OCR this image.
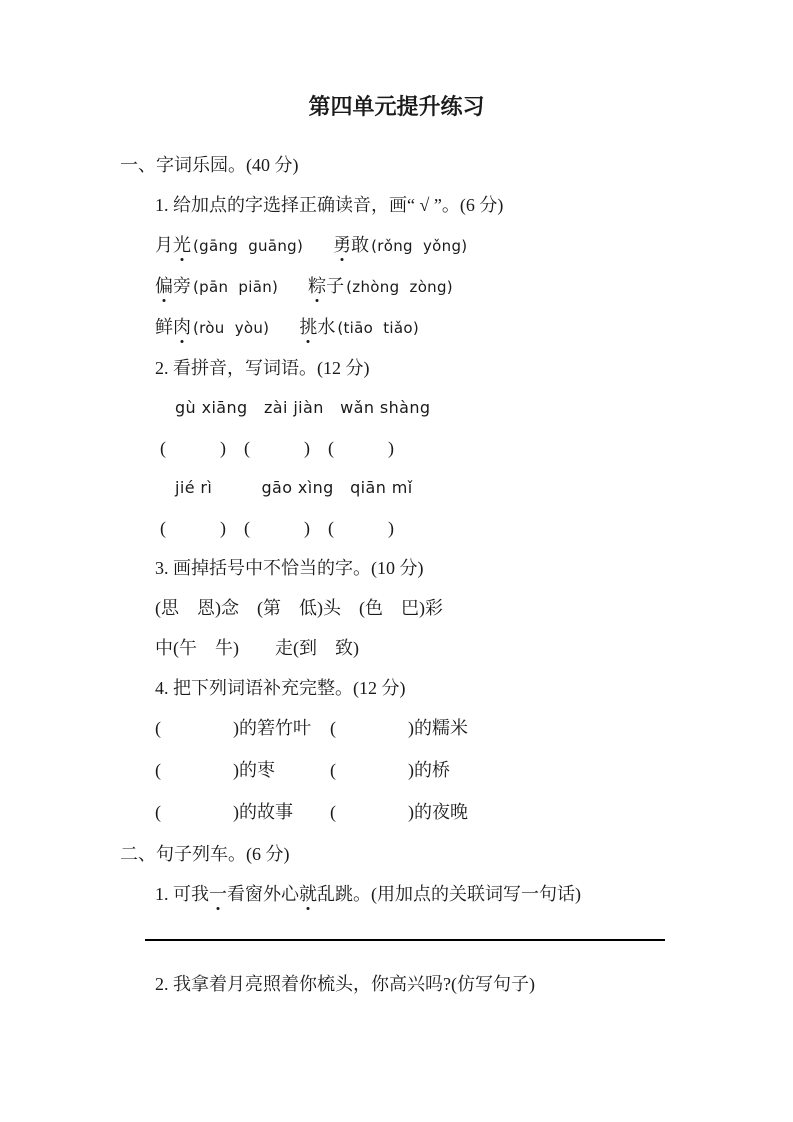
第四单元提升练习
一、字词乐园。(40 分)
1. 给加点的字选择正确读音，画“ √ ”。(6 分)
月光 (gāng  guāng) 勇敢 (rǒng  yǒng)
偏旁 (pān  piān) 粽子 (zhòng  zòng)
鲜肉 (ròu  yòu) 挑水 (tiāo  tiǎo)
2. 看拼音，写词语。(12 分)
gù xiāng　zài jiàn　wǎn shàng
(　　　)　(　　　)　(　　　)
jié rì　　　gāo xìng　qiān mǐ
(　　　)　(　　　)　(　　　)
3. 画掉括号中不恰当的字。(10 分)
(思　恩)念　(第　低)头　(色　巴)彩
中(午　牛)　　走(到　致)
4. 把下列词语补充完整。(12 分)
(　　　　)的箬竹叶 (　　　　)的糯米
(　　　　)的枣	(　　　　)的桥
(　　　　)的故事 (　　　　)的夜晚
二、句子列车。(6 分)
1. 可我一看窗外心就乱跳。(用加点的关联词写一句话)
2. 我拿着月亮照着你梳头，你高兴吗?(仿写句子)
